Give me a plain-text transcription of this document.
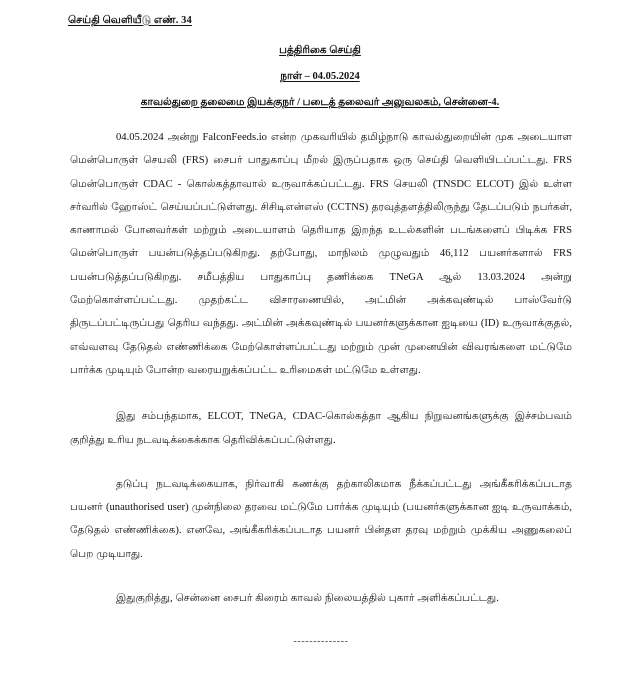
செய்தி வெளியீடு எண். 34
பத்திரிகை செய்தி
நாள் – 04.05.2024
காவல்துறை தலைமை இயக்குநர் / படைத் தலைவர் அலுவலகம், சென்னை-4.

04.05.2024 அன்று FalconFeeds.io என்ற முகவரியில் தமிழ்நாடு காவல்துறையின் முக அடையாள மென்பொருள் செயலி (FRS) சைபர் பாதுகாப்பு மீறல் இருப்பதாக ஒரு செய்தி வெளியிடப்பட்டது. FRS மென்பொருள் CDAC - கொல்கத்தாவால் உருவாக்கப்பட்டது. FRS செயலி (TNSDC ELCOT) இல் உள்ள சர்வரில் ஹோஸ்ட் செய்யப்பட்டுள்ளது. சிசிடிஎன்எஸ் (CCTNS) தரவுத்தளத்திலிருந்து தேடப்படும் நபர்கள், காணாமல் போனவர்கள் மற்றும் அடையாளம் தெரியாத இறந்த உடல்களின் படங்களைப் பிடிக்க FRS மென்பொருள் பயன்படுத்தப்படுகிறது. தற்போது, மாநிலம் முழுவதும் 46,112 பயனர்களால் FRS பயன்படுத்தப்படுகிறது. சமீபத்திய பாதுகாப்பு தணிக்கை TNeGA ஆல் 13.03.2024 அன்று மேற்கொள்ளப்பட்டது. முதற்கட்ட விசாரணையில், அட்மின் அக்கவுண்டில் பாஸ்வேர்டு திருடப்பட்டிருப்பது தெரிய வந்தது. அட்மின் அக்கவுண்டில் பயனர்களுக்கான ஐடியை (ID) உருவாக்குதல், எவ்வளவு தேடுதல் எண்ணிக்கை மேற்கொள்ளப்பட்டது மற்றும் முன் முனையின் விவரங்களை மட்டுமே பார்க்க முடியும் போன்ற வரையறுக்கப்பட்ட உரிமைகள் மட்டுமே உள்ளது.

இது சம்பந்தமாக, ELCOT, TNeGA, CDAC-கொல்கத்தா ஆகிய நிறுவனங்களுக்கு இச்சம்பவம் குறித்து உரிய நடவடிக்கைக்காக தெரிவிக்கப்பட்டுள்ளது.

தடுப்பு நடவடிக்கையாக, நிர்வாகி கணக்கு தற்காலிகமாக நீக்கப்பட்டது அங்கீகரிக்கப்படாத பயனர் (unauthorised user) முன்நிலை தரவை மட்டுமே பார்க்க முடியும் (பயனர்களுக்கான ஐடி உருவாக்கம், தேடுதல் எண்ணிக்கை). எனவே, அங்கீகரிக்கப்படாத பயனர் பின்தள தரவு மற்றும் முக்கிய அணுகலைப் பெற முடியாது.

இதுகுறித்து, சென்னை சைபர் கிரைம் காவல் நிலையத்தில் புகார் அளிக்கப்பட்டது.

--------------
